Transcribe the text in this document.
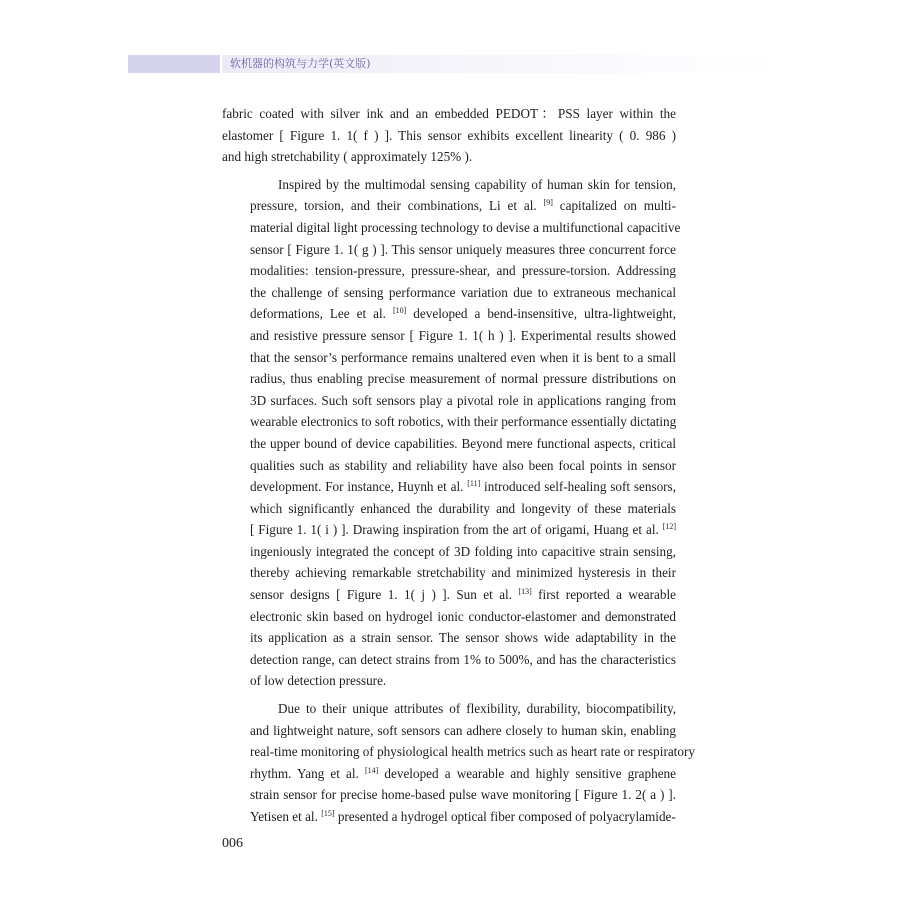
软机器的构筑与力学(英文版)

fabric coated with silver ink and an embedded PEDOT：PSS layer within the
elastomer [ Figure 1. 1( f ) ]. This sensor exhibits excellent linearity ( 0. 986 )
and high stretchability ( approximately 125% ).

Inspired by the multimodal sensing capability of human skin for tension,
pressure, torsion, and their combinations, Li et al. [9] capitalized on multi-
material digital light processing technology to devise a multifunctional capacitive
sensor [ Figure 1. 1( g ) ]. This sensor uniquely measures three concurrent force
modalities: tension-pressure, pressure-shear, and pressure-torsion. Addressing
the challenge of sensing performance variation due to extraneous mechanical
deformations, Lee et al. [10] developed a bend-insensitive, ultra-lightweight,
and resistive pressure sensor [ Figure 1. 1( h ) ]. Experimental results showed
that the sensor’s performance remains unaltered even when it is bent to a small
radius, thus enabling precise measurement of normal pressure distributions on
3D surfaces. Such soft sensors play a pivotal role in applications ranging from
wearable electronics to soft robotics, with their performance essentially dictating
the upper bound of device capabilities. Beyond mere functional aspects, critical
qualities such as stability and reliability have also been focal points in sensor
development. For instance, Huynh et al. [11] introduced self-healing soft sensors,
which significantly enhanced the durability and longevity of these materials
[ Figure 1. 1( i ) ]. Drawing inspiration from the art of origami, Huang et al. [12]
ingeniously integrated the concept of 3D folding into capacitive strain sensing,
thereby achieving remarkable stretchability and minimized hysteresis in their
sensor designs [ Figure 1. 1( j ) ]. Sun et al. [13] first reported a wearable
electronic skin based on hydrogel ionic conductor-elastomer and demonstrated
its application as a strain sensor. The sensor shows wide adaptability in the
detection range, can detect strains from 1% to 500%, and has the characteristics
of low detection pressure.

Due to their unique attributes of flexibility, durability, biocompatibility,
and lightweight nature, soft sensors can adhere closely to human skin, enabling
real-time monitoring of physiological health metrics such as heart rate or respiratory
rhythm. Yang et al. [14] developed a wearable and highly sensitive graphene
strain sensor for precise home-based pulse wave monitoring [ Figure 1. 2( a ) ].
Yetisen et al. [15] presented a hydrogel optical fiber composed of polyacrylamide-

006
